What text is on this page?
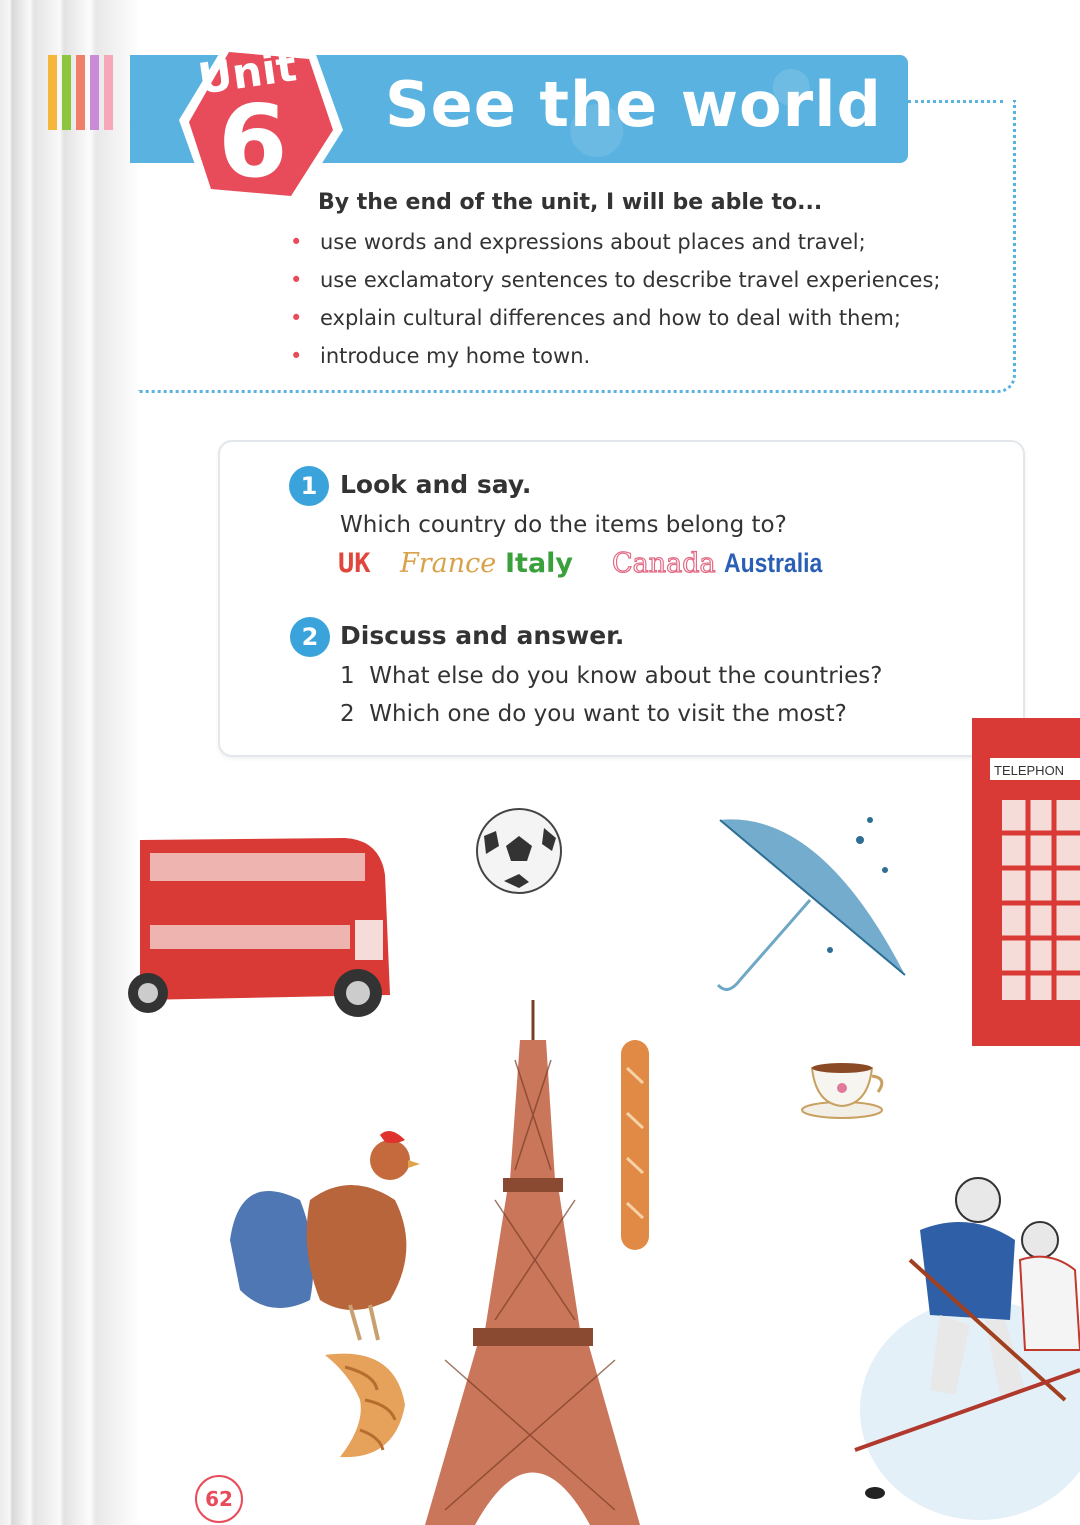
Unit
6 See the world
By the end of the unit, I will be able to...
• use words and expressions about places and travel;
• use exclamatory sentences to describe travel experiences;
• explain cultural differences and how to deal with them;
• introduce my home town.
1 Look and say.
Which country do the items belong to?
UK France Italy Canada Australia
2 Discuss and answer.
1 What else do you know about the countries?
2 Which one do you want to visit the most?
TELEPHON
62
